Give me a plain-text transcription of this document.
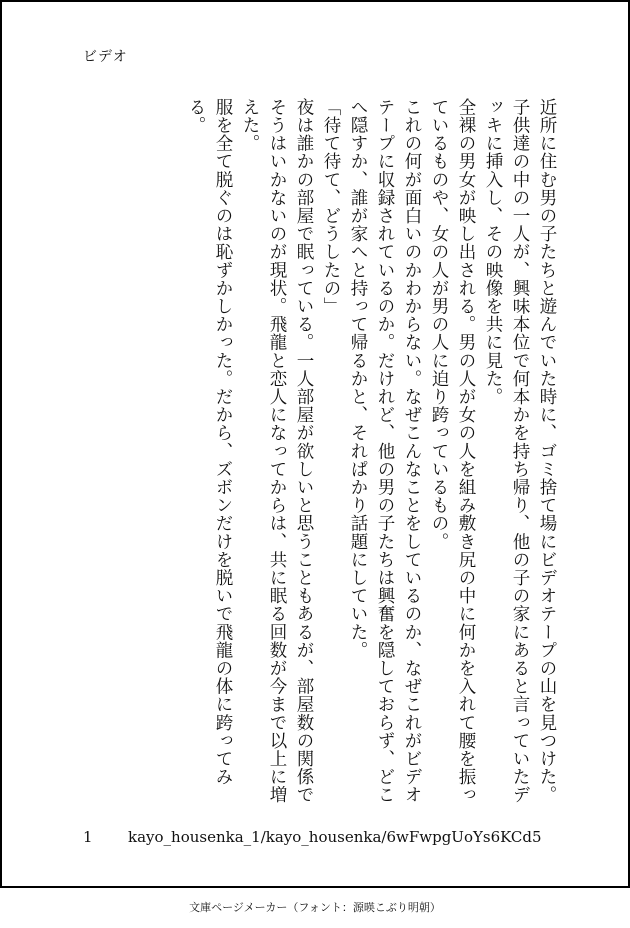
ビデオ

近所に住む男の子たちと遊んでいた時に、ゴミ捨て場にビデオテープの山を見つけた。子供達の中の一人が、興味本位で何本かを持ち帰り、他の子の家にあると言っていたデッキに挿入し、その映像を共に見た。

全裸の男女が映し出される。男の人が女の人を組み敷き尻の中に何かを入れて腰を振っているものや、女の人が男の人に迫り跨っているもの。

これの何が面白いのかわからない。なぜこんなことをしているのか、なぜこれがビデオテープに収録されているのか。だけれど、他の男の子たちは興奮を隠しておらず、どこへ隠すか、誰が家へと持って帰るかと、それぱかり話題にしていた。

「待て待て、どうしたの」

夜は誰かの部屋で眠っている。一人部屋が欲しいと思うこともあるが、部屋数の関係でそうはいかないのが現状。飛龍と恋人になってからは、共に眠る回数が今まで以上に増えた。

服を全て脱ぐのは恥ずかしかった。だから、ズボンだけを脱いで飛龍の体に跨ってみる。

1 kayo_housenka_1/kayo_housenka/6wFwpgUoYs6KCd5
文庫ページメーカー（フォント：源暎こぶり明朝）
